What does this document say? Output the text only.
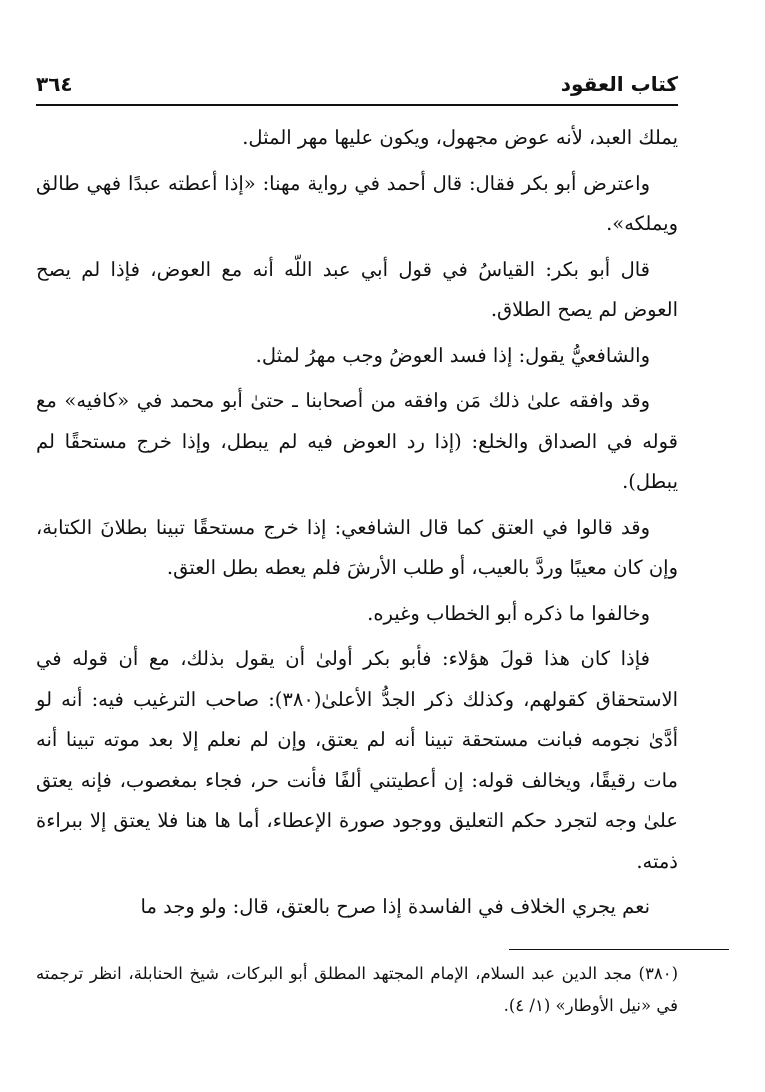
كتاب العقود
٣٦٤

يملك العبد، لأنه عوض مجهول، ويكون عليها مهر المثل.

واعترض أبو بكر فقال: قال أحمد في رواية مهنا: «إذا أعطته عبدًا فهي طالق ويملكه».

قال أبو بكر: القياسُ في قول أبي عبد اللّه أنه مع العوض، فإذا لم يصح العوض لم يصح الطلاق.

والشافعيُّ يقول: إذا فسد العوضُ وجب مهرُ لمثل.

وقد وافقه علىٰ ذلك مَن وافقه من أصحابنا ـ حتىٰ أبو محمد في «كافيه» مع قوله في الصداق والخلع: (إذا رد العوض فيه لم يبطل، وإذا خرج مستحقًا لم يبطل).

وقد قالوا في العتق كما قال الشافعي: إذا خرج مستحقًا تبينا بطلانَ الكتابة، وإن كان معيبًا وردَّ بالعيب، أو طلب الأرشَ فلم يعطه بطل العتق.

وخالفوا ما ذكره أبو الخطاب وغيره.

فإذا كان هذا قولَ هؤلاء: فأبو بكر أولىٰ أن يقول بذلك، مع أن قوله في الاستحقاق كقولهم، وكذلك ذكر الجدُّ الأعلىٰ(٣٨٠): صاحب الترغيب فيه: أنه لو أدَّىٰ نجومه فبانت مستحقة تبينا أنه لم يعتق، وإن لم نعلم إلا بعد موته تبينا أنه مات رقيقًا، ويخالف قوله: إن أعطيتني ألفًا فأنت حر، فجاء بمغصوب، فإنه يعتق علىٰ وجه لتجرد حكم التعليق ووجود صورة الإعطاء، أما ها هنا فلا يعتق إلا ببراءة ذمته.

نعم يجري الخلاف في الفاسدة إذا صرح بالعتق، قال: ولو وجد ما

(٣٨٠) مجد الدين عبد السلام، الإمام المجتهد المطلق أبو البركات، شيخ الحنابلة، انظر ترجمته في «نيل الأوطار» (١/ ٤).
